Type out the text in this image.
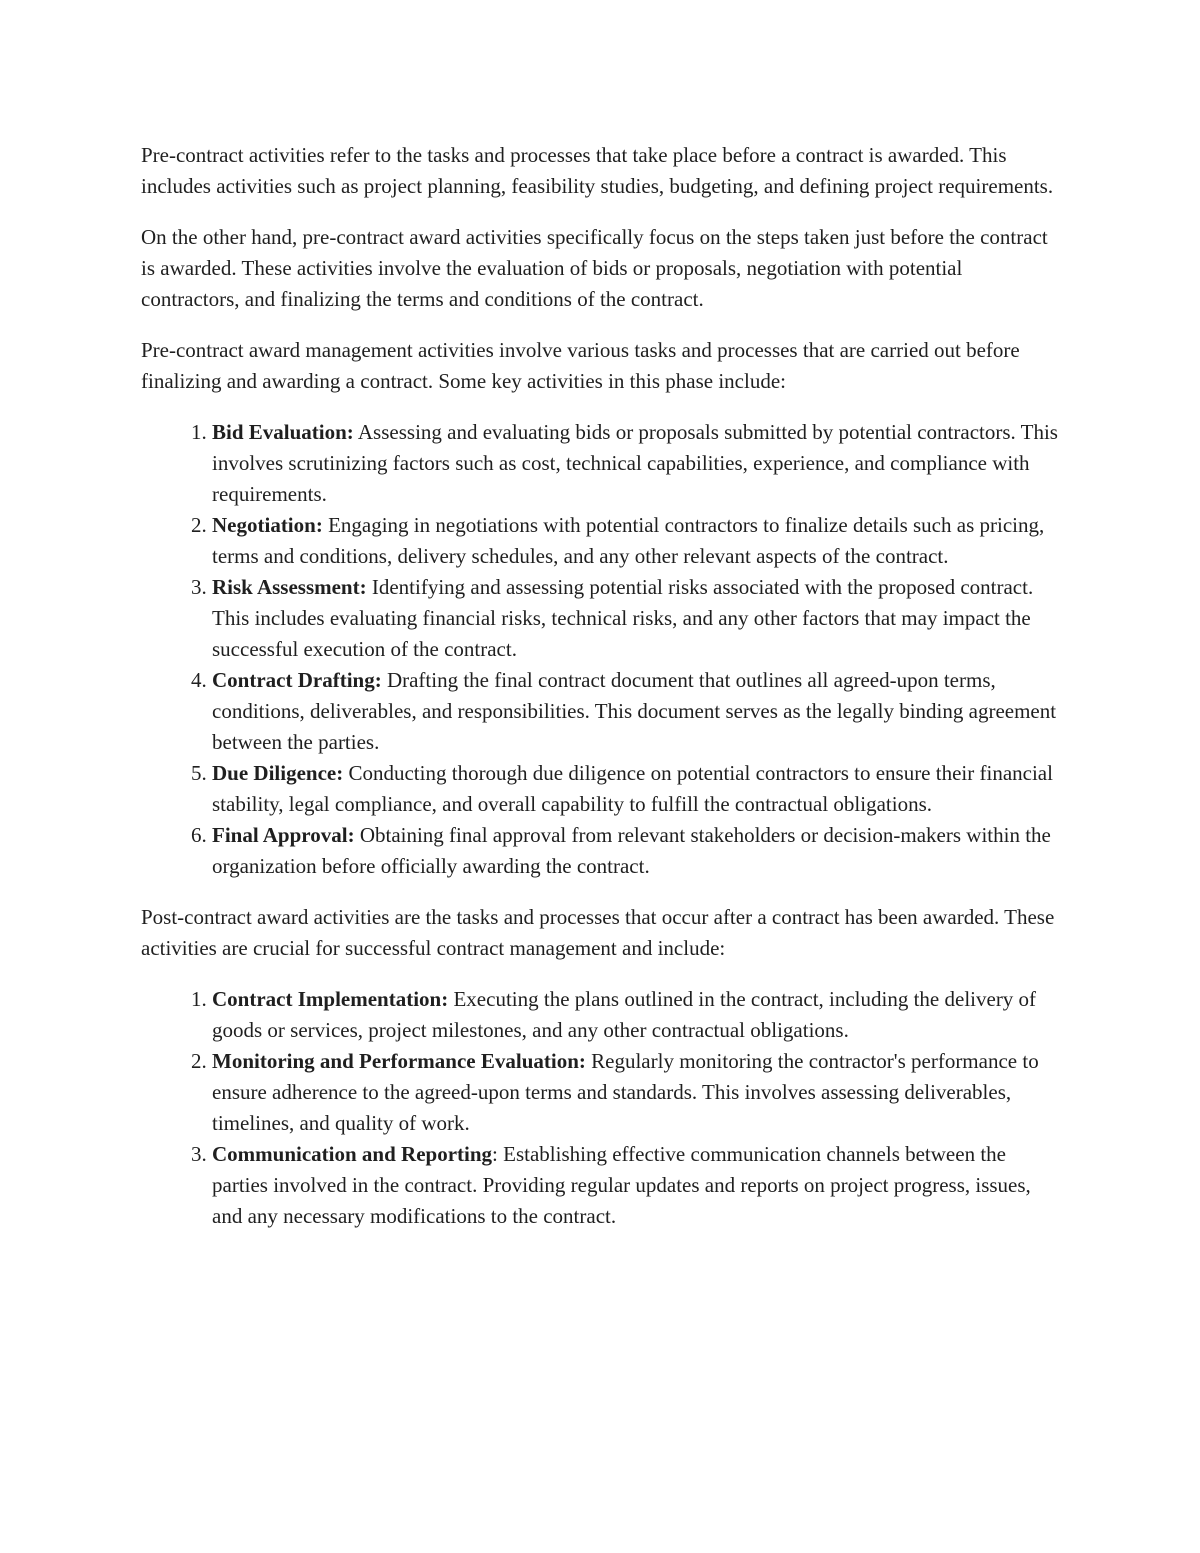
Pre-contract activities refer to the tasks and processes that take place before a contract is awarded. This includes activities such as project planning, feasibility studies, budgeting, and defining project requirements.

On the other hand, pre-contract award activities specifically focus on the steps taken just before the contract is awarded. These activities involve the evaluation of bids or proposals, negotiation with potential contractors, and finalizing the terms and conditions of the contract.

Pre-contract award management activities involve various tasks and processes that are carried out before finalizing and awarding a contract. Some key activities in this phase include:

1. Bid Evaluation: Assessing and evaluating bids or proposals submitted by potential contractors. This involves scrutinizing factors such as cost, technical capabilities, experience, and compliance with requirements.
2. Negotiation: Engaging in negotiations with potential contractors to finalize details such as pricing, terms and conditions, delivery schedules, and any other relevant aspects of the contract.
3. Risk Assessment: Identifying and assessing potential risks associated with the proposed contract. This includes evaluating financial risks, technical risks, and any other factors that may impact the successful execution of the contract.
4. Contract Drafting: Drafting the final contract document that outlines all agreed-upon terms, conditions, deliverables, and responsibilities. This document serves as the legally binding agreement between the parties.
5. Due Diligence: Conducting thorough due diligence on potential contractors to ensure their financial stability, legal compliance, and overall capability to fulfill the contractual obligations.
6. Final Approval: Obtaining final approval from relevant stakeholders or decision-makers within the organization before officially awarding the contract.

Post-contract award activities are the tasks and processes that occur after a contract has been awarded. These activities are crucial for successful contract management and include:

1. Contract Implementation: Executing the plans outlined in the contract, including the delivery of goods or services, project milestones, and any other contractual obligations.
2. Monitoring and Performance Evaluation: Regularly monitoring the contractor's performance to ensure adherence to the agreed-upon terms and standards. This involves assessing deliverables, timelines, and quality of work.
3. Communication and Reporting: Establishing effective communication channels between the parties involved in the contract. Providing regular updates and reports on project progress, issues, and any necessary modifications to the contract.
